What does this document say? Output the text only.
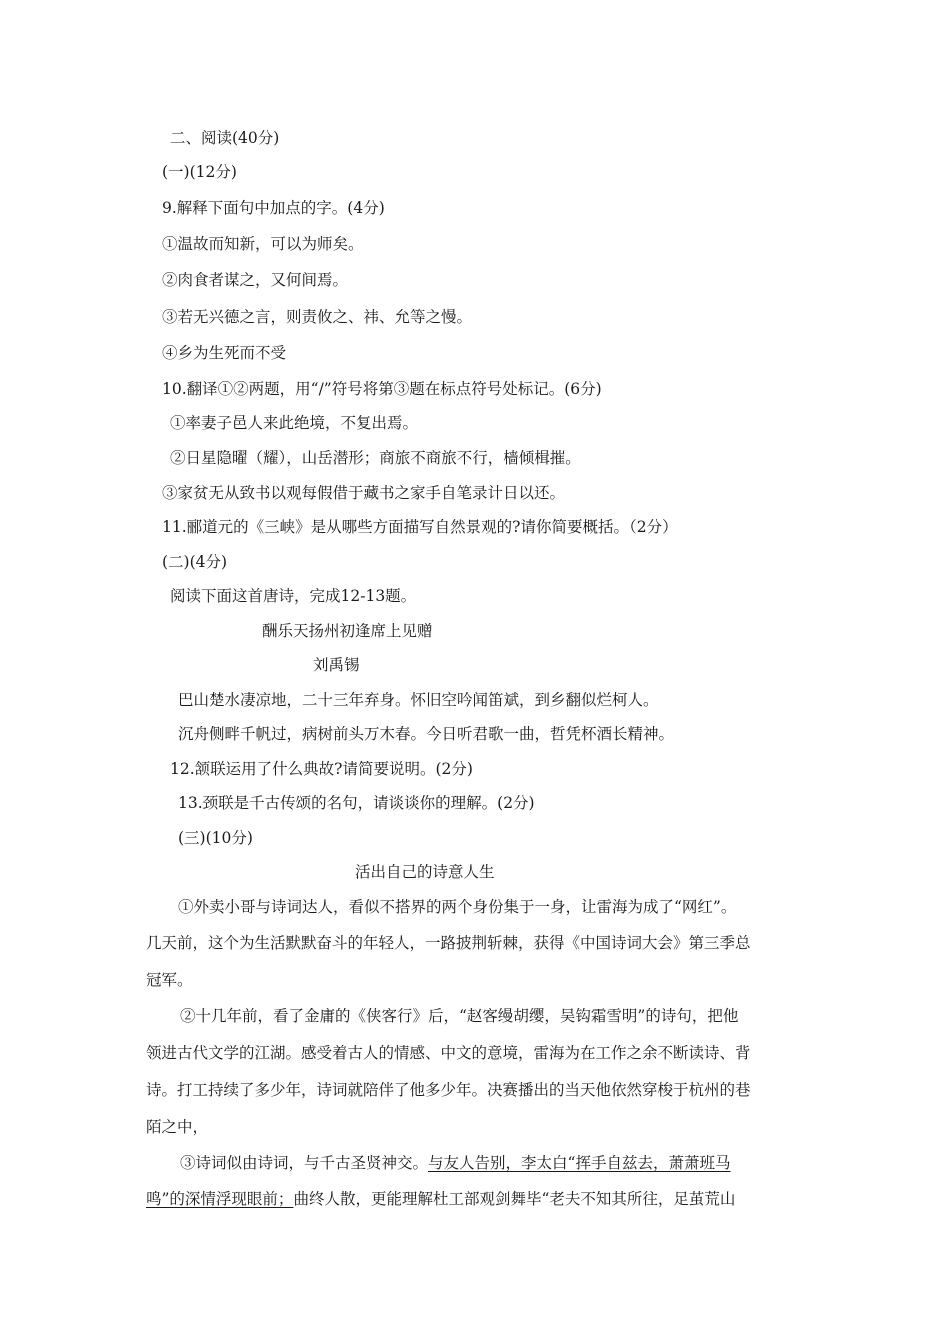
二、阅读(40分)
(一)(12分)
9.解释下面句中加点的字。(4分)
①温故而知新，可以为师矣。
②肉食者谋之，又何间焉。
③若无兴德之言，则责攸之、祎、允等之慢。
④乡为生死而不受
10.翻译①②两题，用“/”符号将第③题在标点符号处标记。(6分)
①率妻子邑人来此绝境，不复出焉。
②日星隐曜（耀），山岳潜形；商旅不商旅不行，樯倾楫摧。
③家贫无从致书以观每假借于藏书之家手自笔录计日以还。
11.郦道元的《三峡》是从哪些方面描写自然景观的?请你简要概括。（2分）
(二)(4分)
阅读下面这首唐诗，完成12-13题。
酬乐天扬州初逢席上见赠
刘禹锡
巴山楚水凄凉地，二十三年弃身。怀旧空吟闻笛斌，到乡翻似烂柯人。
沉舟侧畔千帆过，病树前头万木春。今日听君歌一曲，哲凭杯酒长精神。
12.颔联运用了什么典故?请简要说明。(2分)
13.颈联是千古传颂的名句，请谈谈你的理解。(2分)
(三)(10分)
活出自己的诗意人生
①外卖小哥与诗词达人，看似不搭界的两个身份集于一身，让雷海为成了“网红”。
几天前，这个为生活默默奋斗的年轻人，一路披荆斩棘，获得《中国诗词大会》第三季总
冠军。
②十几年前，看了金庸的《侠客行》后，“赵客缦胡缨，吴钩霜雪明”的诗句，把他
领进古代文学的江湖。感受着古人的情感、中文的意境，雷海为在工作之余不断读诗、背
诗。打工持续了多少年，诗词就陪伴了他多少年。决赛播出的当天他依然穿梭于杭州的巷
陌之中，
③诗词似由诗词，与千古圣贤神交。与友人告别，李太白“挥手自兹去，萧萧班马
鸣”的深情浮现眼前；曲终人散，更能理解杜工部观剑舞毕“老夫不知其所往，足茧荒山
